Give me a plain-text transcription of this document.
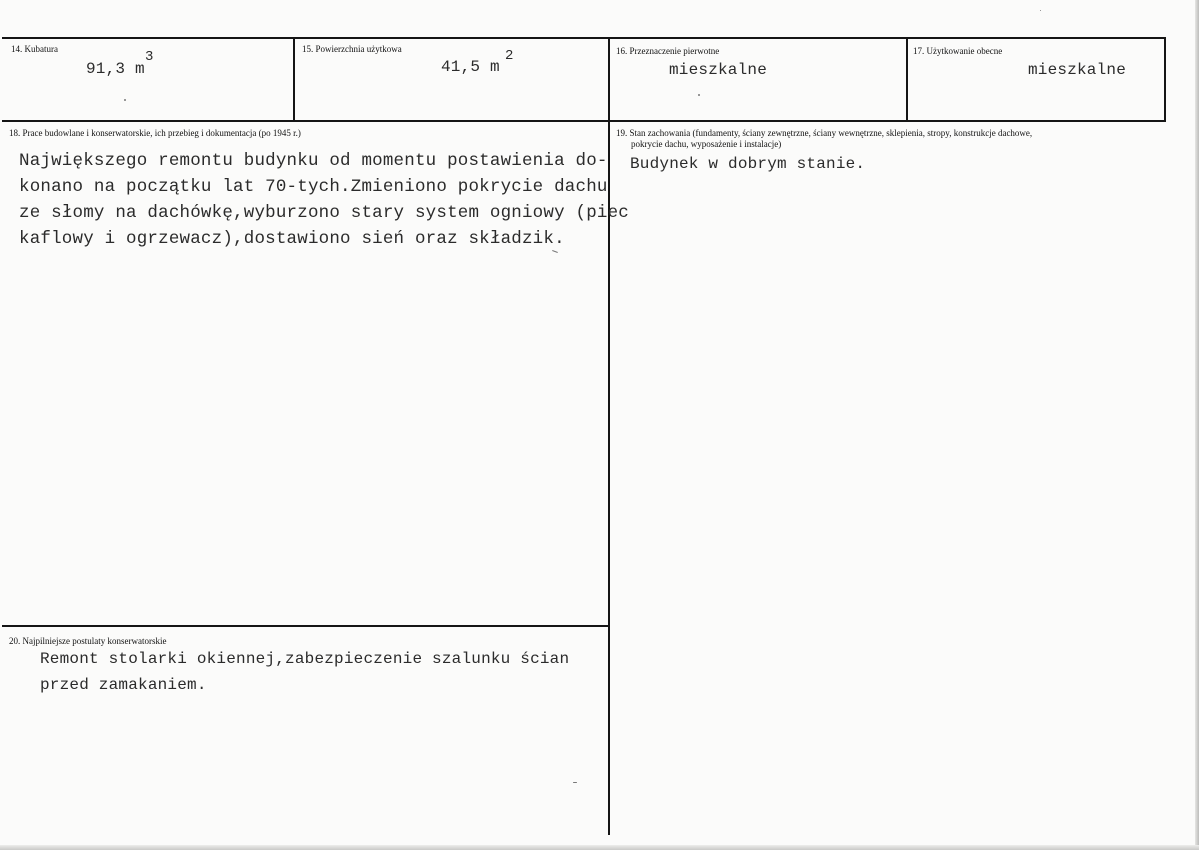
14. Kubatura
91,3 m
3	15. Powierzchnia użytkowa
41,5 m
2	16. Przeznaczenie pierwotne
mieszkalne
17. Użytkowanie obecne
mieszkalne
18. Prace budowlane i konserwatorskie, ich przebieg i dokumentacja (po 1945 r.)
Największego remontu budynku od momentu postawienia do-
konano na początku lat 70-tych.Zmieniono pokrycie dachu
ze słomy na dachówkę,wyburzono stary system ogniowy (piec
kaflowy i ogrzewacz),dostawiono sień oraz składzik.
19. Stan zachowania (fundamenty, ściany zewnętrzne, ściany wewnętrzne, sklepienia, stropy, konstrukcje dachowe,
pokrycie dachu, wyposażenie i instalacje)
Budynek w dobrym stanie.
20. Najpilniejsze postulaty konserwatorskie
Remont stolarki okiennej,zabezpieczenie szalunku ścian
przed zamakaniem.
